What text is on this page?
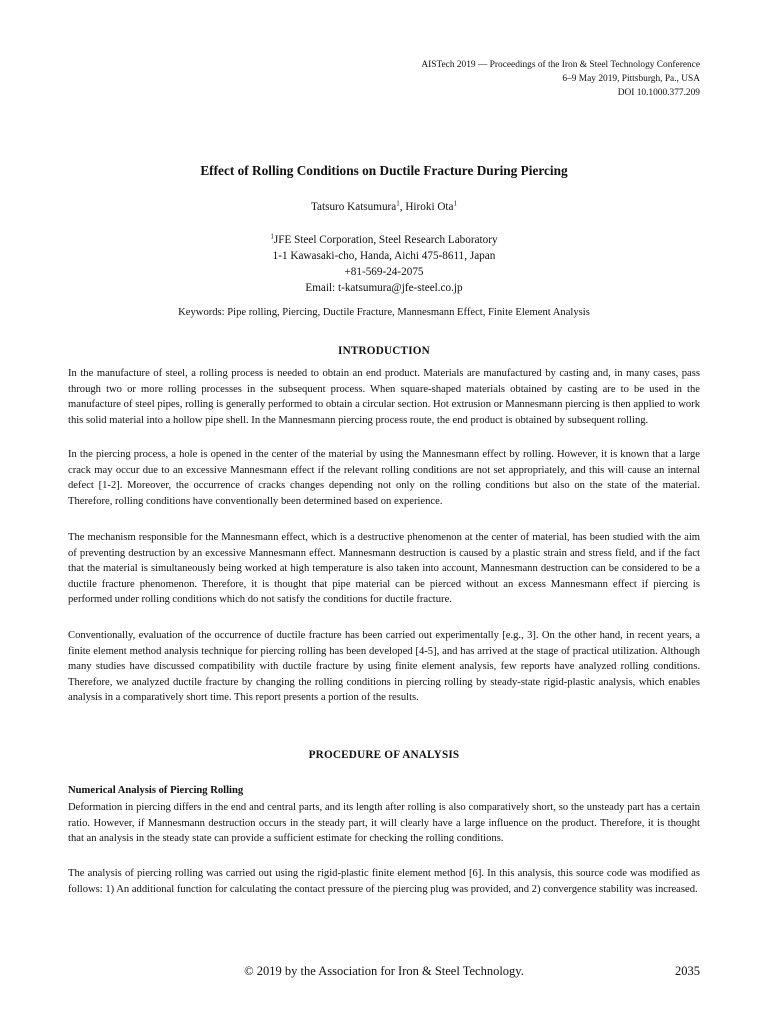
AISTech 2019 — Proceedings of the Iron & Steel Technology Conference
6–9 May 2019, Pittsburgh, Pa., USA
DOI 10.1000.377.209
Effect of Rolling Conditions on Ductile Fracture During Piercing
Tatsuro Katsumura$^1$, Hiroki Ota$^1$
$^1$JFE Steel Corporation, Steel Research Laboratory
1-1 Kawasaki-cho, Handa, Aichi 475-8611, Japan
+81-569-24-2075
Email: t-katsumura@jfe-steel.co.jp
Keywords: Pipe rolling, Piercing, Ductile Fracture, Mannesmann Effect, Finite Element Analysis
INTRODUCTION

In the manufacture of steel, a rolling process is needed to obtain an end product. Materials are manufactured by casting and, in many cases, pass through two or more rolling processes in the subsequent process. When square-shaped materials obtained by casting are to be used in the manufacture of steel pipes, rolling is generally performed to obtain a circular section. Hot extrusion or Mannesmann piercing is then applied to work this solid material into a hollow pipe shell. In the Mannesmann piercing process route, the end product is obtained by subsequent rolling.

In the piercing process, a hole is opened in the center of the material by using the Mannesmann effect by rolling. However, it is known that a large crack may occur due to an excessive Mannesmann effect if the relevant rolling conditions are not set appropriately, and this will cause an internal defect [1-2]. Moreover, the occurrence of cracks changes depending not only on the rolling conditions but also on the state of the material. Therefore, rolling conditions have conventionally been determined based on experience.

The mechanism responsible for the Mannesmann effect, which is a destructive phenomenon at the center of material, has been studied with the aim of preventing destruction by an excessive Mannesmann effect. Mannesmann destruction is caused by a plastic strain and stress field, and if the fact that the material is simultaneously being worked at high temperature is also taken into account, Mannesmann destruction can be considered to be a ductile fracture phenomenon. Therefore, it is thought that pipe material can be pierced without an excess Mannesmann effect if piercing is performed under rolling conditions which do not satisfy the conditions for ductile fracture.

Conventionally, evaluation of the occurrence of ductile fracture has been carried out experimentally [e.g., 3]. On the other hand, in recent years, a finite element method analysis technique for piercing rolling has been developed [4-5], and has arrived at the stage of practical utilization. Although many studies have discussed compatibility with ductile fracture by using finite element analysis, few reports have analyzed rolling conditions. Therefore, we analyzed ductile fracture by changing the rolling conditions in piercing rolling by steady-state rigid-plastic analysis, which enables analysis in a comparatively short time. This report presents a portion of the results.

PROCEDURE OF ANALYSIS
Numerical Analysis of Piercing Rolling

Deformation in piercing differs in the end and central parts, and its length after rolling is also comparatively short, so the unsteady part has a certain ratio. However, if Mannesmann destruction occurs in the steady part, it will clearly have a large influence on the product. Therefore, it is thought that an analysis in the steady state can provide a sufficient estimate for checking the rolling conditions.

The analysis of piercing rolling was carried out using the rigid-plastic finite element method [6]. In this analysis, this source code was modified as follows: 1) An additional function for calculating the contact pressure of the piercing plug was provided, and 2) convergence stability was increased.

© 2019 by the Association for Iron & Steel Technology.	2035
